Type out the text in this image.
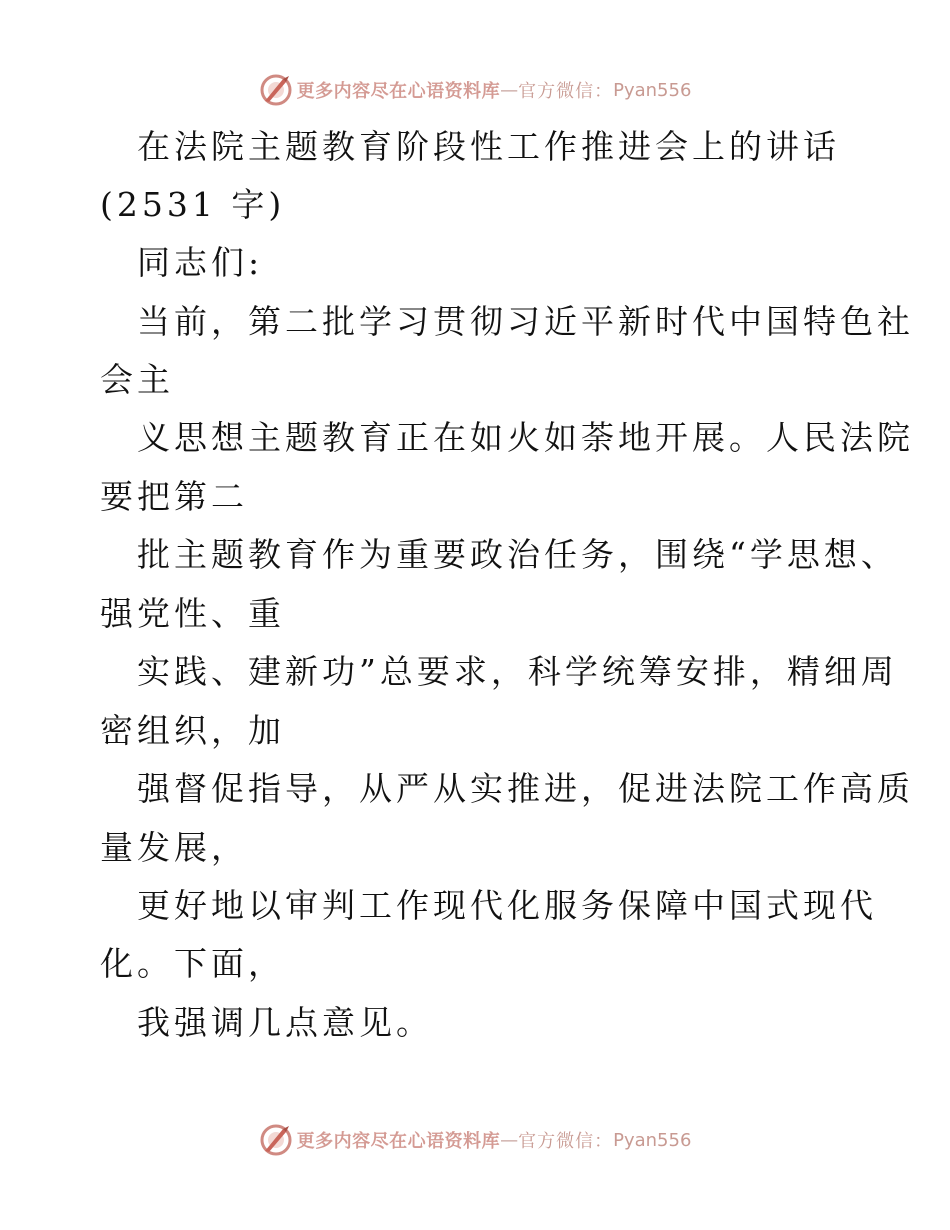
更多内容尽在心语资料库 — 官方微信： Pyan556
在法院主题教育阶段性工作推进会上的讲话
(2531 字)
同志们:
当前，第二批学习贯彻习近平新时代中国特色社
会主
义思想主题教育正在如火如荼地开展。人民法院
要把第二
批主题教育作为重要政治任务，围绕“学思想、
强党性、重
实践、建新功”总要求，科学统筹安排，精细周
密组织，加
强督促指导，从严从实推进，促进法院工作高质
量发展，
更好地以审判工作现代化服务保障中国式现代
化。下面，
我强调几点意见。
更多内容尽在心语资料库 — 官方微信： Pyan556
